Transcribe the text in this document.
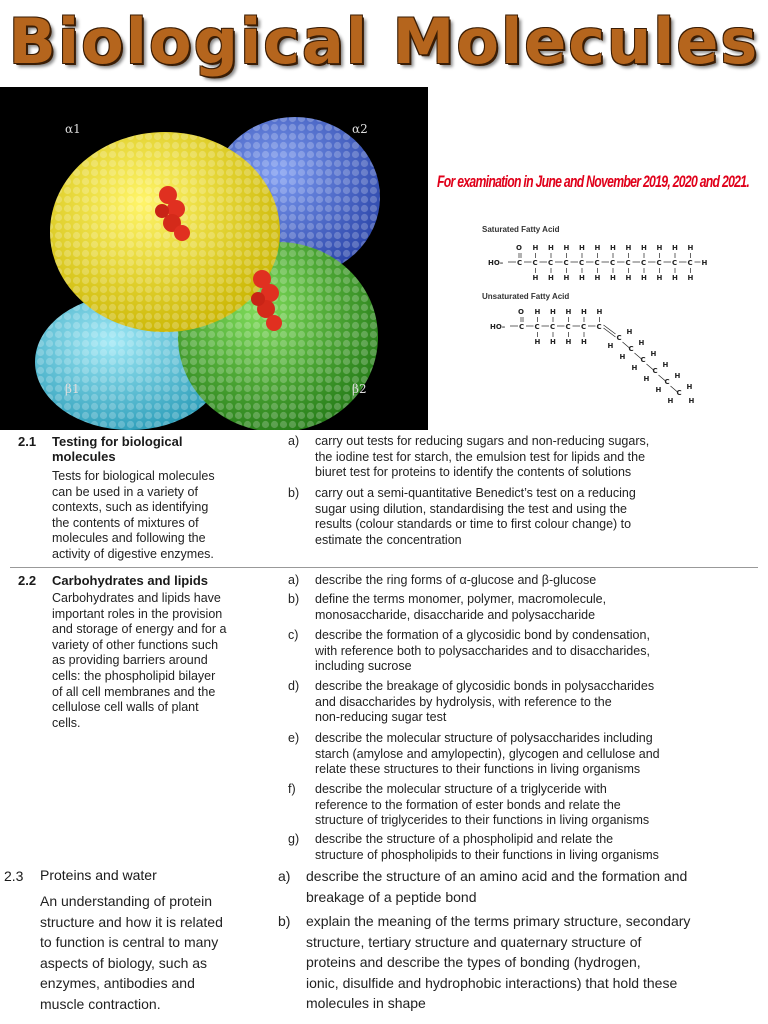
Biological Molecules
α1	α2
β1	β2
For examination in June and November 2019, 2020 and 2021.
Saturated Fatty Acid
HO–
O
C C
H
H
C
H
H
C
H
H
C
H
H
C
H
H
C
H
H
C
H
H
C
H
H
C
H
H
C
H
H
C
H
H
H
HO–
O
C C
H
H
C
H
H
C
H
H
C
H
H
C
H
C
H
H C
H
H C
H
H C
H
H C
H
H C
H
H H
Unsaturated Fatty Acid
2.1 Testing for biological
molecules
Tests for biological molecules
can be used in a variety of
contexts, such as identifying
the contents of mixtures of
molecules and following the
activity of digestive enzymes.
a) carry out tests for reducing sugars and non-reducing sugars,
the iodine test for starch, the emulsion test for lipids and the
biuret test for proteins to identify the contents of solutions
b) carry out a semi-quantitative Benedict’s test on a reducing
sugar using dilution, standardising the test and using the
results (colour standards or time to first colour change) to
estimate the concentration
2.2 Carbohydrates and lipids
Carbohydrates and lipids have
important roles in the provision
and storage of energy and for a
variety of other functions such
as providing barriers around
cells: the phospholipid bilayer
of all cell membranes and the
cellulose cell walls of plant
cells.
a) describe the ring forms of α-glucose and β-glucose
b) define the terms monomer, polymer, macromolecule,
monosaccharide, disaccharide and polysaccharide
c) describe the formation of a glycosidic bond by condensation,
with reference both to polysaccharides and to disaccharides,
including sucrose
d) describe the breakage of glycosidic bonds in polysaccharides
and disaccharides by hydrolysis, with reference to the
non-reducing sugar test
e) describe the molecular structure of polysaccharides including
starch (amylose and amylopectin), glycogen and cellulose and
relate these structures to their functions in living organisms
f) describe the molecular structure of a triglyceride with
reference to the formation of ester bonds and relate the
structure of triglycerides to their functions in living organisms
g) describe the structure of a phospholipid and relate the
structure of phospholipids to their functions in living organisms
2.3 Proteins and water
An understanding of protein
structure and how it is related
to function is central to many
aspects of biology, such as
enzymes, antibodies and
muscle contraction.
a) describe the structure of an amino acid and the formation and
breakage of a peptide bond
b) explain the meaning of the terms primary structure, secondary
structure, tertiary structure and quaternary structure of
proteins and describe the types of bonding (hydrogen,
ionic, disulfide and hydrophobic interactions) that hold these
molecules in shape
